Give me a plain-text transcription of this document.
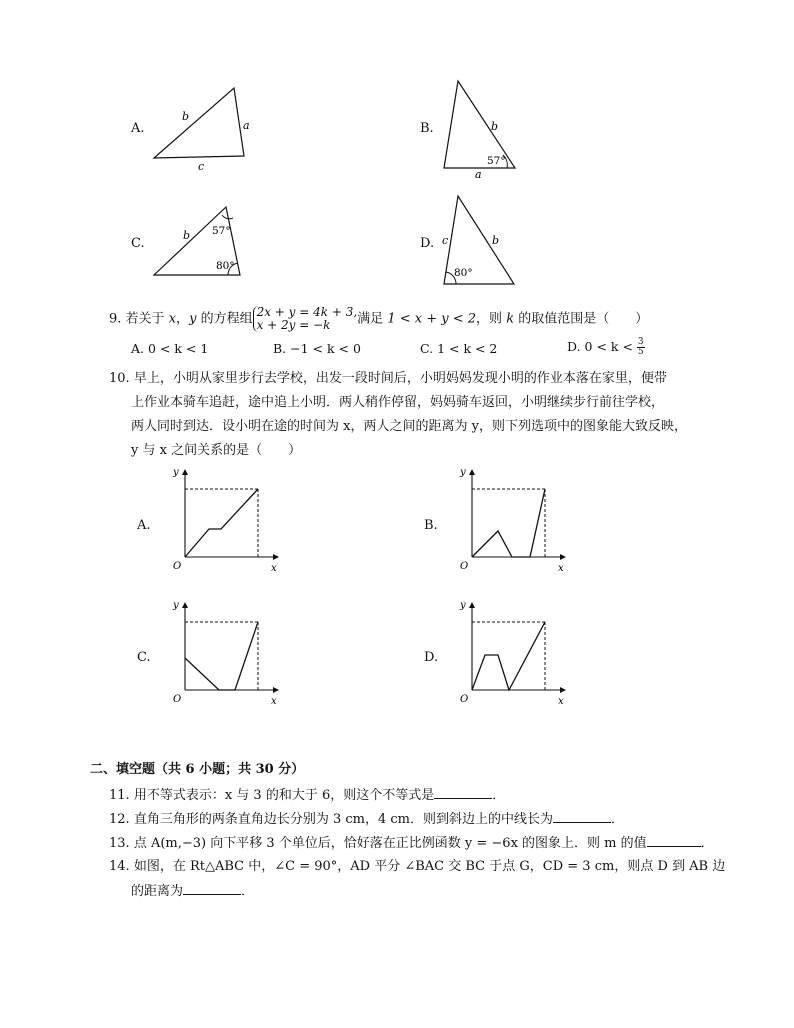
A.
b
a
c
B.	b
57°
a
C.
b 57°
80°
D. c	b
80°
9. 若关于 x，y 的方程组 2x + y = 4k + 3,
x + 2y = −k	满足 1 < x + y < 2，则 k 的取值范围是（　　）
A. 0 < k < 1	B. −1 < k < 0	C. 1 < k < 2	D. $0 < k < \frac{3}{5}$
10. 早上，小明从家里步行去学校，出发一段时间后，小明妈妈发现小明的作业本落在家里，便带
上作业本骑车追赶，途中追上小明．两人稍作停留，妈妈骑车返回，小明继续步行前往学校，
两人同时到达．设小明在途的时间为 x，两人之间的距离为 y，则下列选项中的图象能大致反映，
y 与 x 之间关系的是（　　）
A.
y
x
O
B.
y
x
O
C.
y
x
O
D.
y
x
O
二、填空题（共 6 小题；共 30 分）
11. 用不等式表示：x 与 3 的和大于 6，则这个不等式是	．
12. 直角三角形的两条直角边长分别为 3 cm，4 cm．则到斜边上的中线长为	．
13. 点 A(m,−3) 向下平移 3 个单位后，恰好落在正比例函数 y = −6x 的图象上．则 m 的值	．
14. 如图，在 Rt△ABC 中，∠C = 90°，AD 平分 ∠BAC 交 BC 于点 G，CD = 3 cm，则点 D 到 AB 边
的距离为	．
